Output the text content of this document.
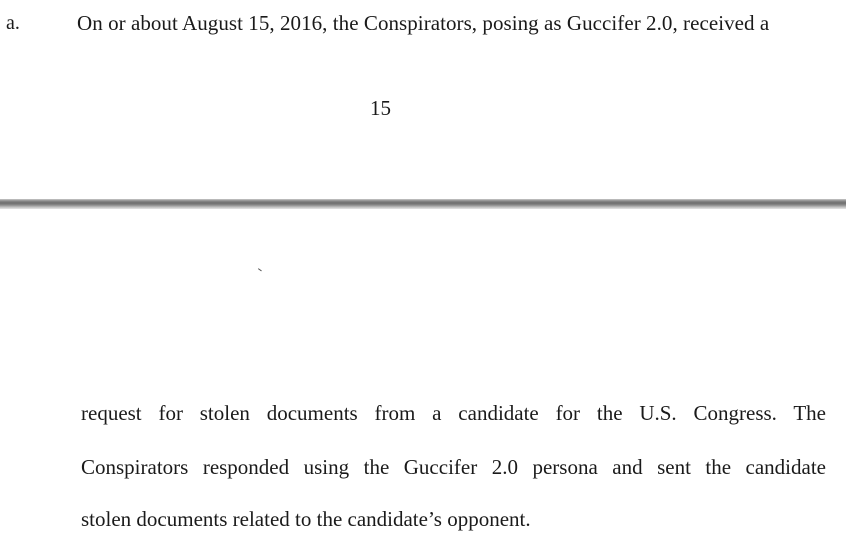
a.	On or about August 15, 2016, the Conspirators, posing as Guccifer 2.0, received a
15
request for stolen documents from a candidate for the U.S. Congress. The
Conspirators responded using the Guccifer 2.0 persona and sent the candidate
stolen documents related to the candidate’s opponent.
